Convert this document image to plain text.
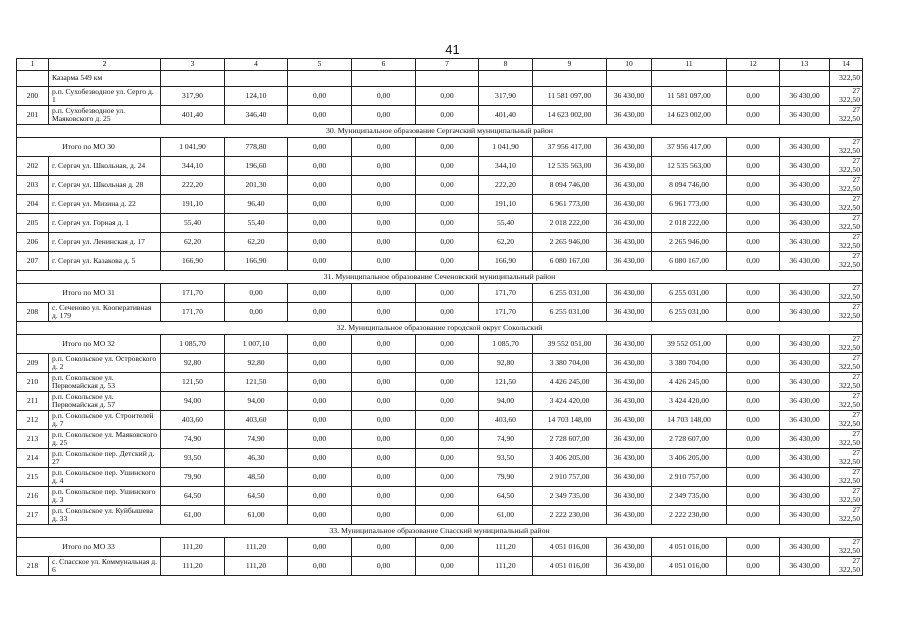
41
1	2	3	4	5	6	7	8	9	10	11	12	13	14
	Казарма 549 км												322,50
200	р.п. Сухобезводное ул. Серго д. 1	317,90	124,10	0,00	0,00	0,00	317,90	11 581 097,00	36 430,00	11 581 097,00	0,00	36 430,00	27 322,50
201	р.п. Сухобезводное ул. Маяковского д. 25	401,40	346,40	0,00	0,00	0,00	401,40	14 623 002,00	36 430,00	14 623 002,00	0,00	36 430,00	27 322,50
30. Муниципальное образование Сергачский муниципальный район													
Итого по МО 30		1 041,90	778,80	0,00	0,00	0,00	1 041,90	37 956 417,00	36 430,00	37 956 417,00	0,00	36 430,00	27 322,50
202	г. Сергач ул. Школьная, д. 24	344,10	196,60	0,00	0,00	0,00	344,10	12 535 563,00	36 430,00	12 535 563,00	0,00	36 430,00	27 322,50
203	г. Сергач ул. Школьная д. 28	222,20	201,30	0,00	0,00	0,00	222,20	8 094 746,00	36 430,00	8 094 746,00	0,00	36 430,00	27 322,50
204	г. Сергач ул. Мизина д. 22	191,10	96,40	0,00	0,00	0,00	191,10	6 961 773,00	36 430,00	6 961 773,00	0,00	36 430,00	27 322,50
205	г. Сергач ул. Горная д. 1	55,40	55,40	0,00	0,00	0,00	55,40	2 018 222,00	36 430,00	2 018 222,00	0,00	36 430,00	27 322,50
206	г. Сергач ул. Ленинская д. 17	62,20	62,20	0,00	0,00	0,00	62,20	2 265 946,00	36 430,00	2 265 946,00	0,00	36 430,00	27 322,50
207	г. Сергач ул. Казакова д. 5	166,90	166,90	0,00	0,00	0,00	166,90	6 080 167,00	36 430,00	6 080 167,00	0,00	36 430,00	27 322,50
31. Муниципальное образование Сеченовский муниципальный район													
Итого по МО 31		171,70	0,00	0,00	0,00	0,00	171,70	6 255 031,00	36 430,00	6 255 031,00	0,00	36 430,00	27 322,50
208	с. Сеченово ул. Кооперативная д. 179	171,70	0,00	0,00	0,00	0,00	171,70	6 255 031,00	36 430,00	6 255 031,00	0,00	36 430,00	27 322,50
32. Муниципальное образование городской округ Сокольский													
Итого по МО 32		1 085,70	1 007,10	0,00	0,00	0,00	1 085,70	39 552 051,00	36 430,00	39 552 051,00	0,00	36 430,00	27 322,50
209	р.п. Сокольское ул. Островского д. 2	92,80	92,80	0,00	0,00	0,00	92,80	3 380 704,00	36 430,00	3 380 704,00	0,00	36 430,00	27 322,50
210	р.п. Сокольское ул. Первомайская д. 53	121,50	121,50	0,00	0,00	0,00	121,50	4 426 245,00	36 430,00	4 426 245,00	0,00	36 430,00	27 322,50
211	р.п. Сокольское ул. Первомайская д. 57	94,00	94,00	0,00	0,00	0,00	94,00	3 424 420,00	36 430,00	3 424 420,00	0,00	36 430,00	27 322,50
212	р.п. Сокольское ул. Строителей д. 7	403,60	403,60	0,00	0,00	0,00	403,60	14 703 148,00	36 430,00	14 703 148,00	0,00	36 430,00	27 322,50
213	р.п. Сокольское ул. Маяковского д. 25	74,90	74,90	0,00	0,00	0,00	74,90	2 728 607,00	36 430,00	2 728 607,00	0,00	36 430,00	27 322,50
214	р.п. Сокольское пер. Детский д. 27	93,50	46,30	0,00	0,00	0,00	93,50	3 406 205,00	36 430,00	3 406 205,00	0,00	36 430,00	27 322,50
215	р.п. Сокольское пер. Ушинского д. 4	79,90	48,50	0,00	0,00	0,00	79,90	2 910 757,00	36 430,00	2 910 757,00	0,00	36 430,00	27 322,50
216	р.п. Сокольское пер. Ушинского д. 3	64,50	64,50	0,00	0,00	0,00	64,50	2 349 735,00	36 430,00	2 349 735,00	0,00	36 430,00	27 322,50
217	р.п. Сокольское ул. Куйбышева д. 33	61,00	61,00	0,00	0,00	0,00	61,00	2 222 230,00	36 430,00	2 222 230,00	0,00	36 430,00	27 322,50
33. Муниципальное образование Спасский муниципальный район													
Итого по МО 33		111,20	111,20	0,00	0,00	0,00	111,20	4 051 016,00	36 430,00	4 051 016,00	0,00	36 430,00	27 322,50
218	с. Спасское ул. Коммунальная д. 6	111,20	111,20	0,00	0,00	0,00	111,20	4 051 016,00	36 430,00	4 051 016,00	0,00	36 430,00	27 322,50
